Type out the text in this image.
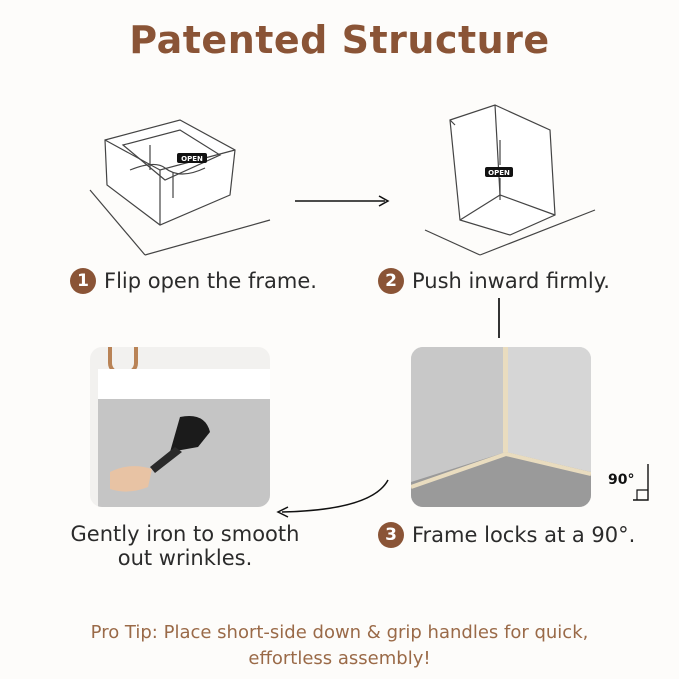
Patented Structure
OPEN
OPEN
1 Flip open the frame.	2 Push inward firmly.
90°
Gently iron to smooth
out wrinkles.
3 Frame locks at a 90°.
Pro Tip: Place short-side down & grip handles for quick,
effortless assembly!
